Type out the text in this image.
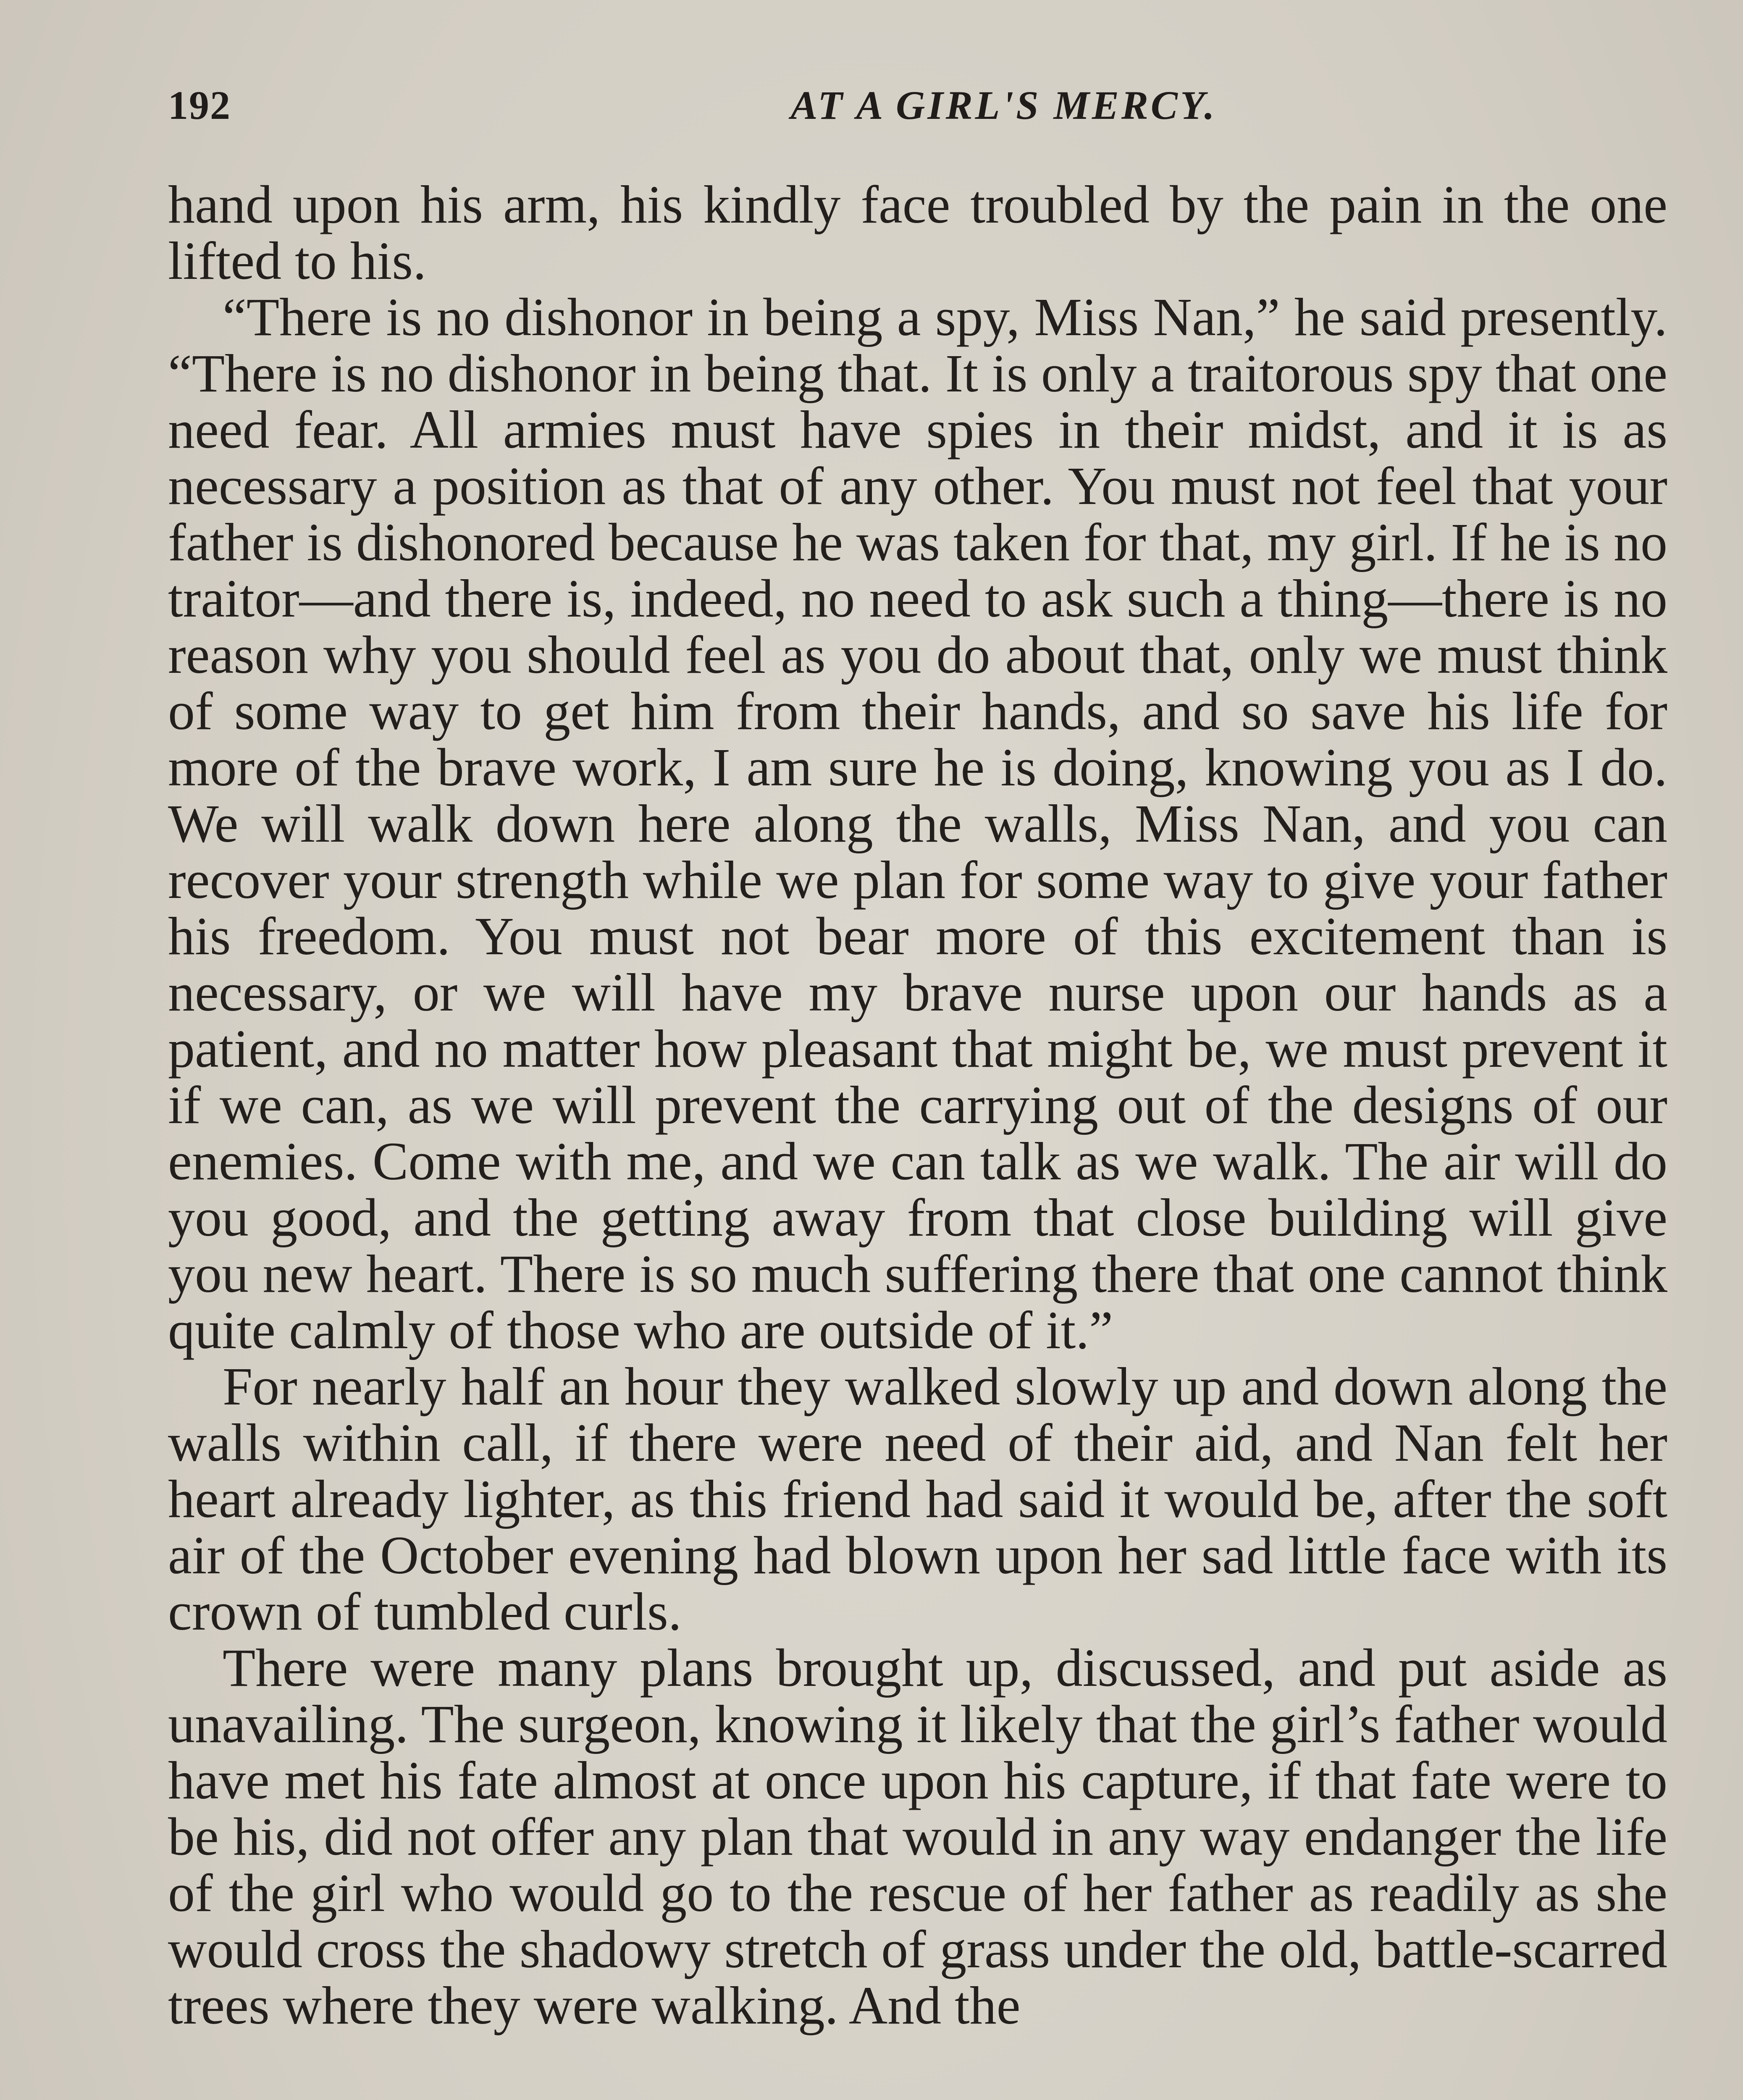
192	AT A GIRL'S MERCY.

hand upon his arm, his kindly face troubled by the pain in the one lifted to his.

“There is no dishonor in being a spy, Miss Nan,” he said presently. “There is no dishonor in being that. It is only a traitorous spy that one need fear. All armies must have spies in their midst, and it is as necessary a position as that of any other. You must not feel that your father is dishonored because he was taken for that, my girl. If he is no traitor—and there is, indeed, no need to ask such a thing—there is no reason why you should feel as you do about that, only we must think of some way to get him from their hands, and so save his life for more of the brave work, I am sure he is doing, knowing you as I do. We will walk down here along the walls, Miss Nan, and you can recover your strength while we plan for some way to give your father his freedom. You must not bear more of this excitement than is necessary, or we will have my brave nurse upon our hands as a patient, and no matter how pleasant that might be, we must prevent it if we can, as we will prevent the carrying out of the designs of our enemies. Come with me, and we can talk as we walk. The air will do you good, and the getting away from that close building will give you new heart. There is so much suffering there that one cannot think quite calmly of those who are outside of it.”

For nearly half an hour they walked slowly up and down along the walls within call, if there were need of their aid, and Nan felt her heart already lighter, as this friend had said it would be, after the soft air of the October evening had blown upon her sad little face with its crown of tumbled curls.

There were many plans brought up, discussed, and put aside as unavailing. The surgeon, knowing it likely that the girl’s father would have met his fate almost at once upon his capture, if that fate were to be his, did not offer any plan that would in any way endanger the life of the girl who would go to the rescue of her father as readily as she would cross the shadowy stretch of grass under the old, battle-scarred trees where they were walking. And the
